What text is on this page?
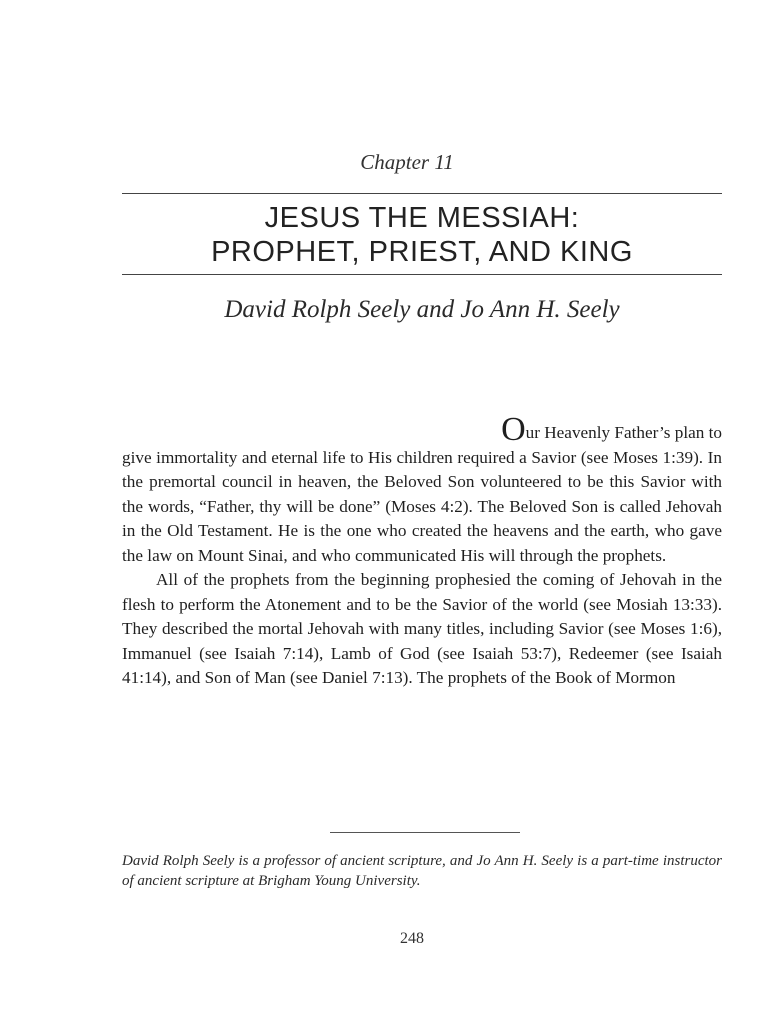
Chapter 11
JESUS THE MESSIAH:
PROPHET, PRIEST, AND KING
David Rolph Seely and Jo Ann H. Seely

Our Heavenly Father’s plan to
give immortality and eternal life to His children required a Savior (see Moses 1:39). In the premortal council in heaven, the Beloved Son volunteered to be this Savior with the words, “Father, thy will be done” (Moses 4:2). The Beloved Son is called Jehovah in the Old Testament. He is the one who created the heavens and the earth, who gave the law on Mount Sinai, and who communicated His will through the prophets.

All of the prophets from the beginning prophesied the coming of Jehovah in the flesh to perform the Atonement and to be the Savior of the world (see Mosiah 13:33). They described the mortal Jehovah with many titles, including Savior (see Moses 1:6), Immanuel (see Isaiah 7:14), Lamb of God (see Isaiah 53:7), Redeemer (see Isaiah 41:14), and Son of Man (see Daniel 7:13). The prophets of the Book of Mormon

David Rolph Seely is a professor of ancient scripture, and Jo Ann H. Seely is a part-time instructor of ancient scripture at Brigham Young University.
248
